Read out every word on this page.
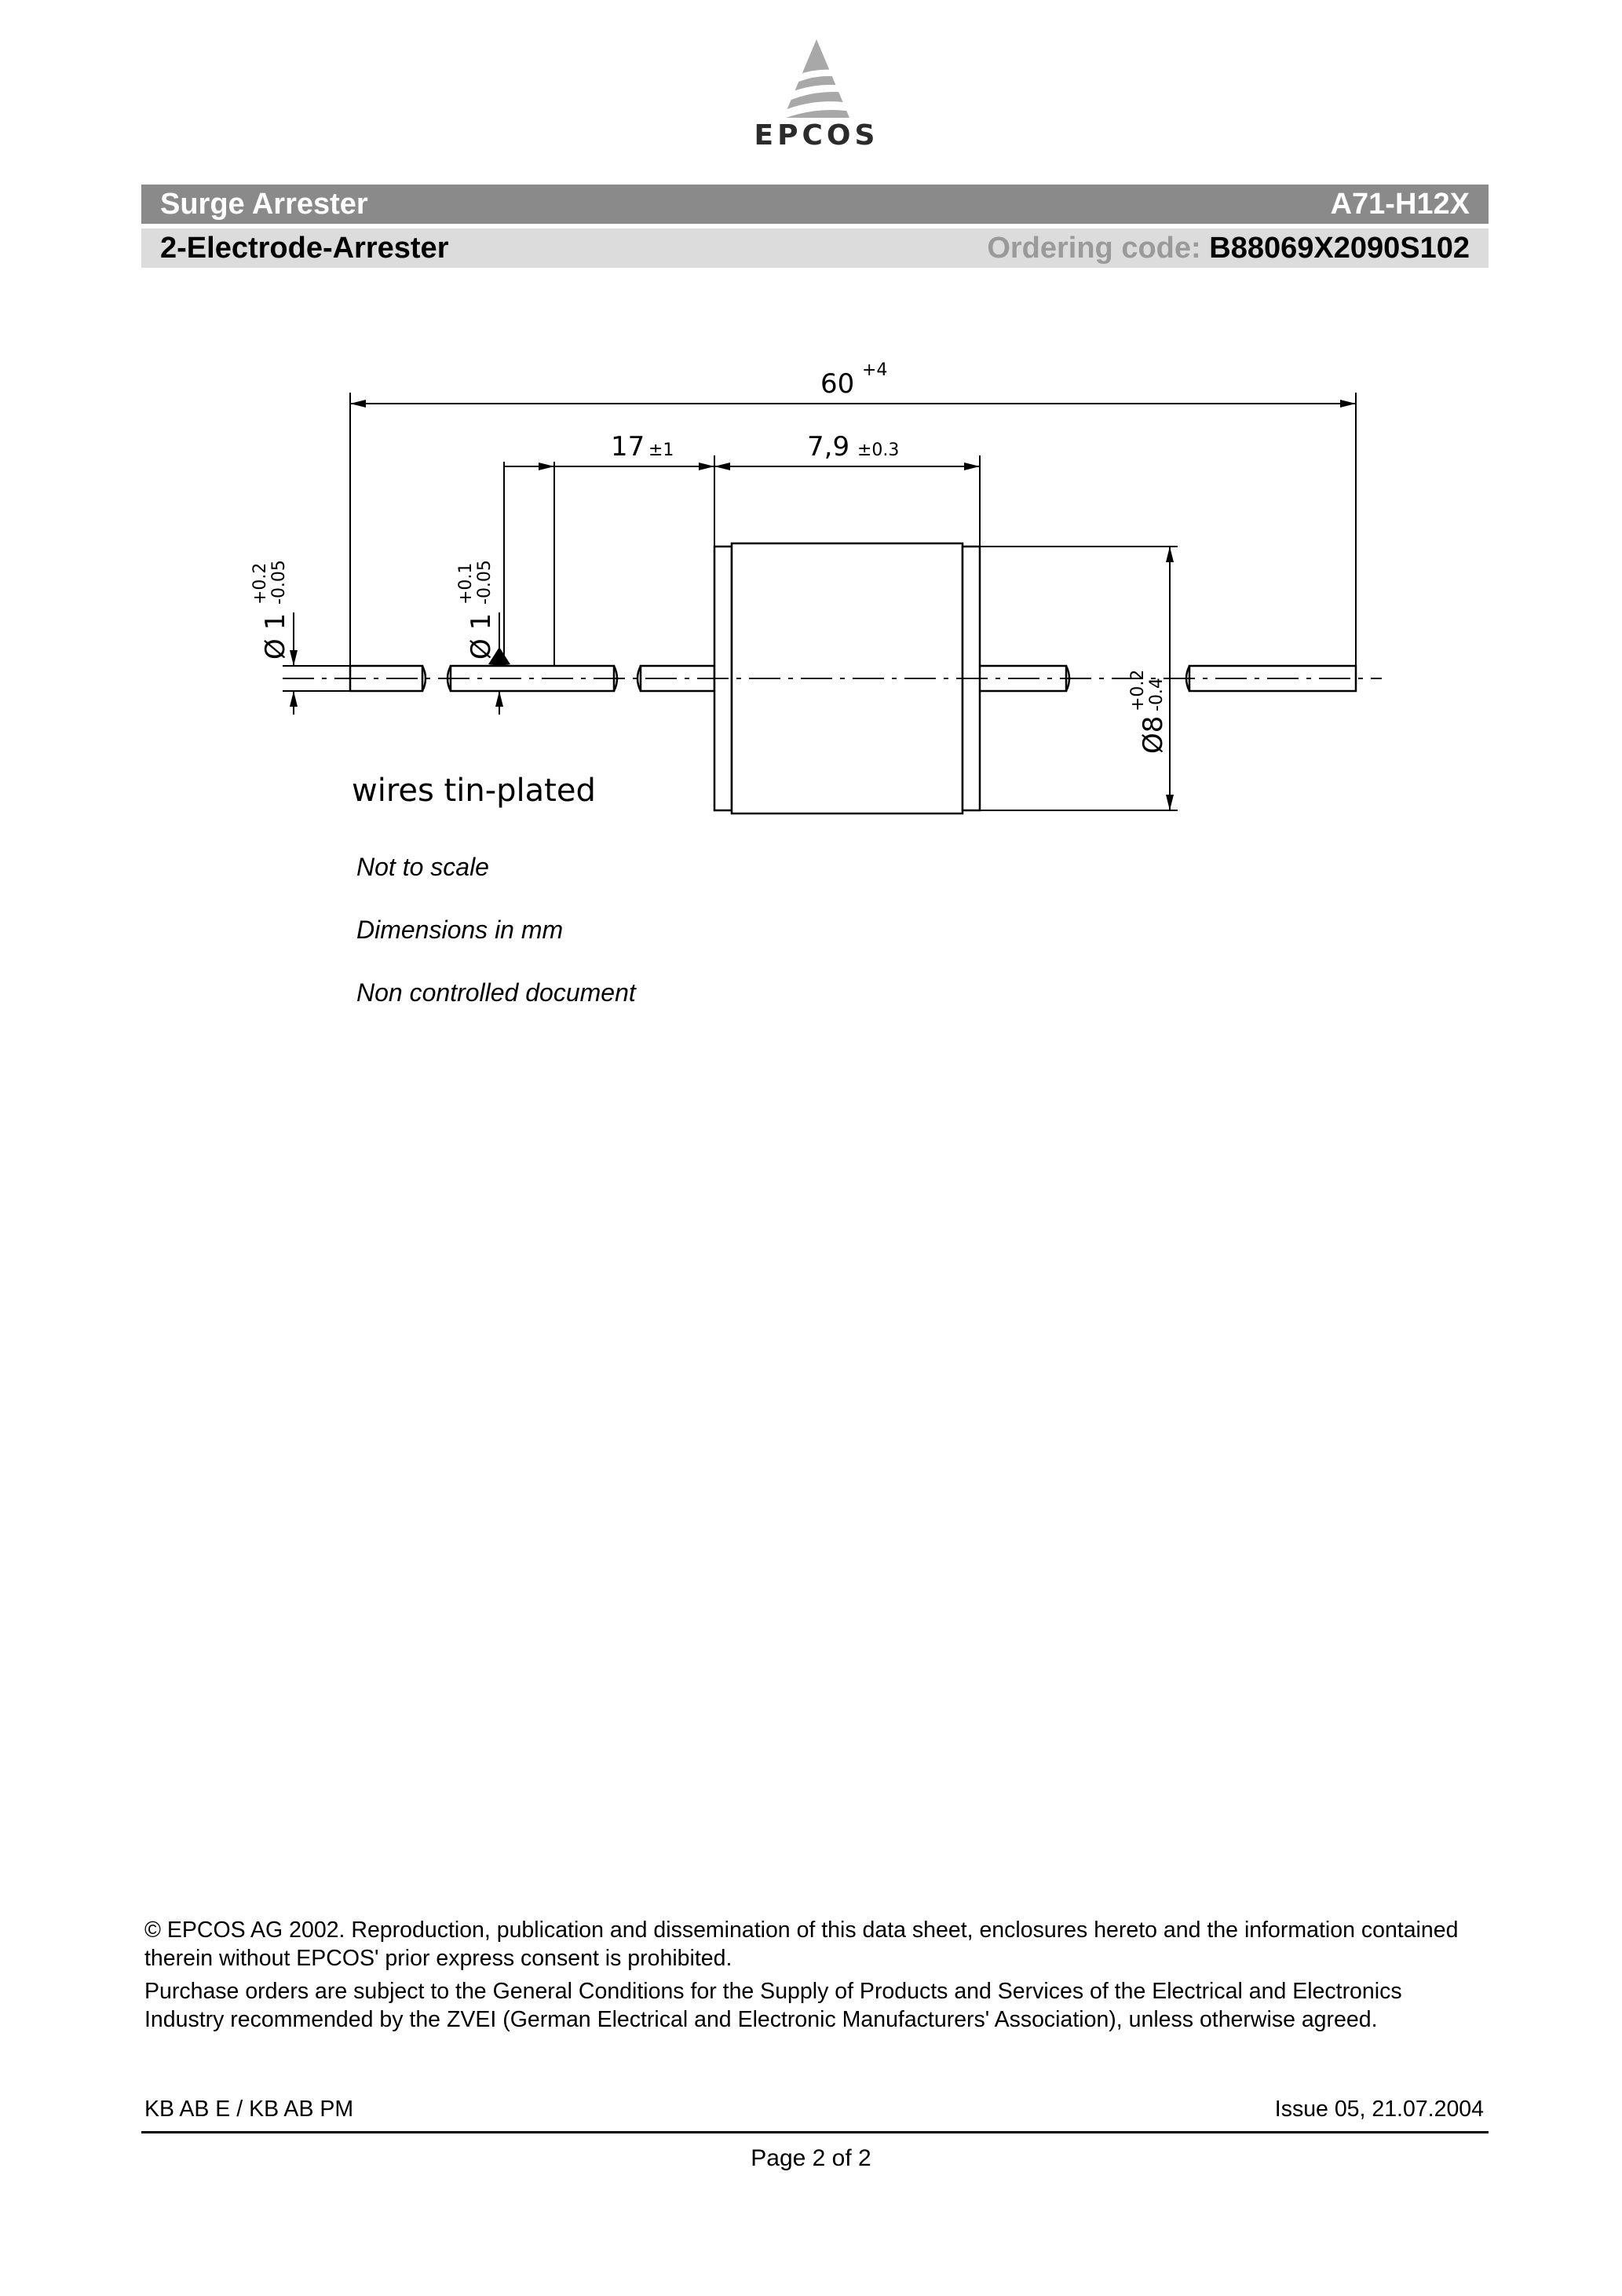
EPCOS
Surge Arrester	A71-H12X
2-Electrode-Arrester	Ordering code: B88069X2090S102
60 +4
17 ±1	7,9 ±0.3
Ø 1
+0.2 -0.05
Ø 1
+0.1 -0.05
Ø8
+0.2 -0.4
wires tin-plated
Not to scale
Dimensions in mm
Non controlled document
© EPCOS AG 2002. Reproduction, publication and dissemination of this data sheet, enclosures hereto and the information contained therein without EPCOS' prior express consent is prohibited.
Purchase orders are subject to the General Conditions for the Supply of Products and Services of the Electrical and Electronics Industry recommended by the ZVEI (German Electrical and Electronic Manufacturers' Association), unless otherwise agreed.
KB AB E / KB AB PM	Issue 05, 21.07.2004
Page 2 of 2
